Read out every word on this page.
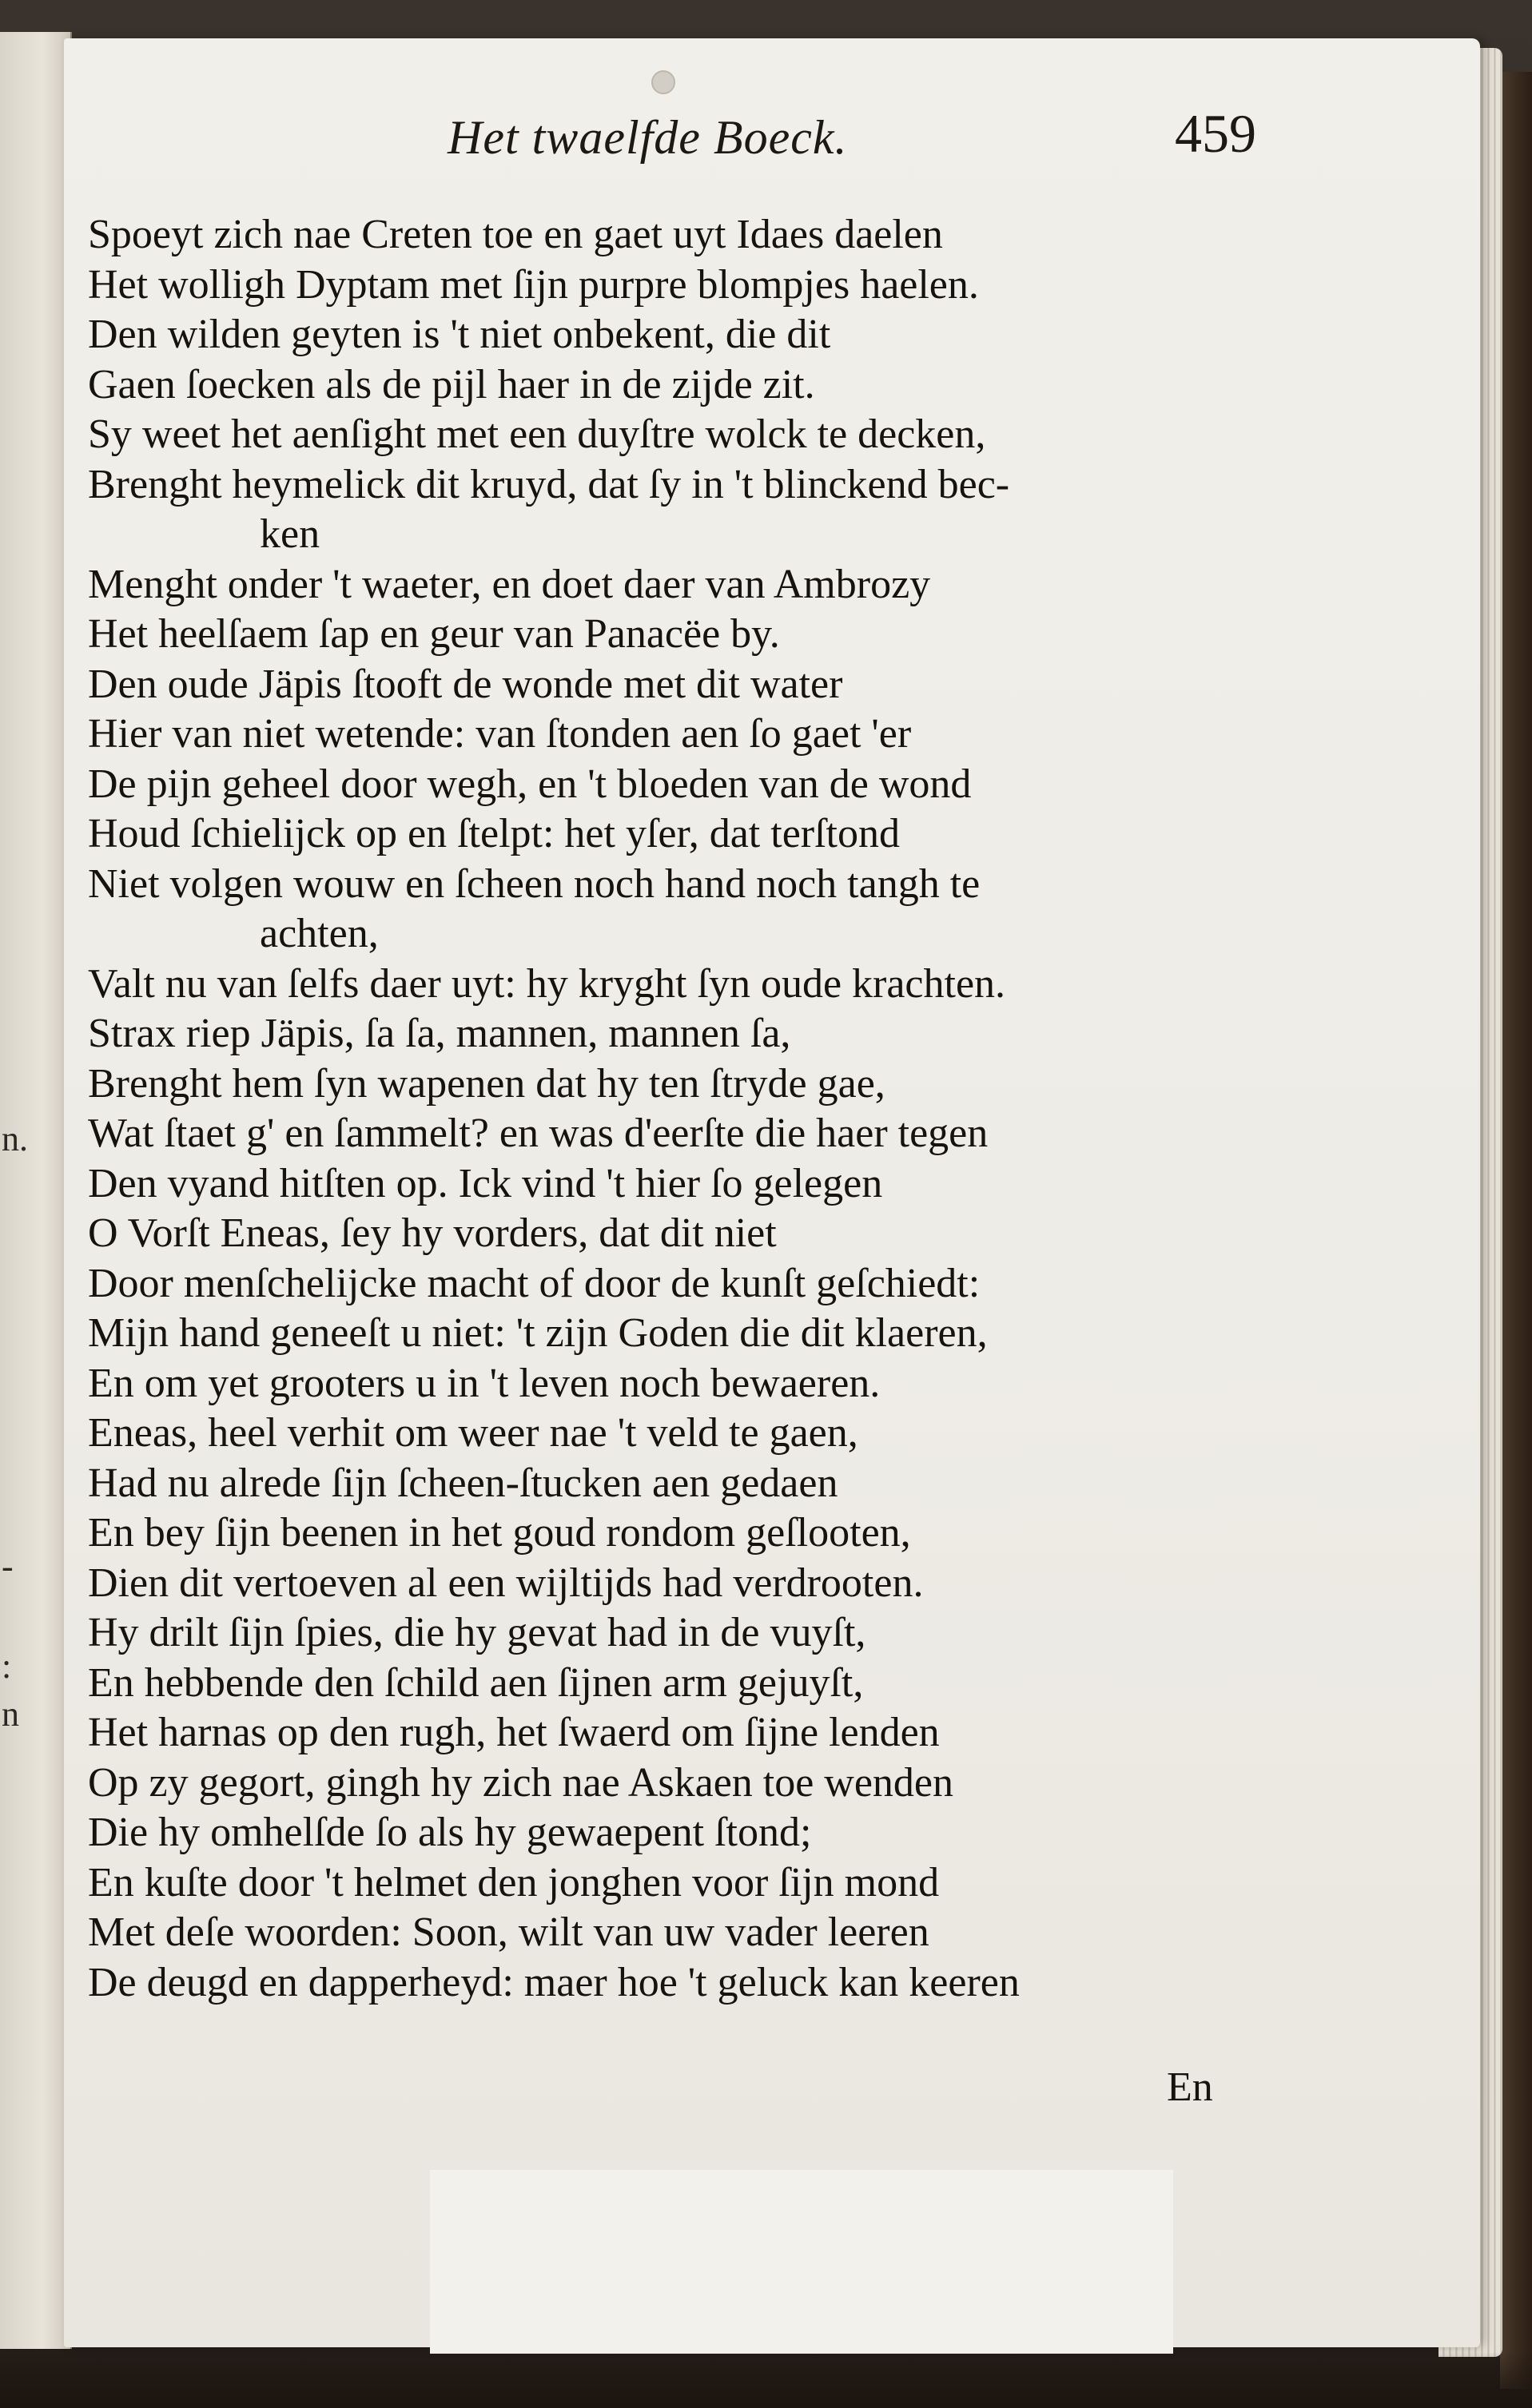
n.
-
:
n
Het twaelfde Boeck.	459
Spoeyt zich nae Creten toe en gaet uyt Idaes daelen
Het wolligh Dyptam met ſijn purpre blompjes haelen.
Den wilden geyten is 't niet onbekent, die dit
Gaen ſoecken als de pijl haer in de zijde zit.
Sy weet het aenſight met een duyſtre wolck te decken,
Brenght heymelick dit kruyd, dat ſy in 't blinckend bec-
ken
Menght onder 't waeter, en doet daer van Ambrozy
Het heelſaem ſap en geur van Panacëe by.
Den oude Jäpis ſtooft de wonde met dit water
Hier van niet wetende: van ſtonden aen ſo gaet 'er
De pijn geheel door wegh, en 't bloeden van de wond
Houd ſchielijck op en ſtelpt: het yſer, dat terſtond
Niet volgen wouw en ſcheen noch hand noch tangh te
achten,
Valt nu van ſelfs daer uyt: hy kryght ſyn oude krachten.
Strax riep Jäpis, ſa ſa, mannen, mannen ſa,
Brenght hem ſyn wapenen dat hy ten ſtryde gae,
Wat ſtaet g' en ſammelt? en was d'eerſte die haer tegen
Den vyand hitſten op. Ick vind 't hier ſo gelegen
O Vorſt Eneas, ſey hy vorders, dat dit niet
Door menſchelijcke macht of door de kunſt geſchiedt:
Mijn hand geneeſt u niet: 't zijn Goden die dit klaeren,
En om yet grooters u in 't leven noch bewaeren.
Eneas, heel verhit om weer nae 't veld te gaen,
Had nu alrede ſijn ſcheen-ſtucken aen gedaen
En bey ſijn beenen in het goud rondom geſlooten,
Dien dit vertoeven al een wijltijds had verdrooten.
Hy drilt ſijn ſpies, die hy gevat had in de vuyſt,
En hebbende den ſchild aen ſijnen arm gejuyſt,
Het harnas op den rugh, het ſwaerd om ſijne lenden
Op zy gegort, gingh hy zich nae Askaen toe wenden
Die hy omhelſde ſo als hy gewaepent ſtond;
En kuſte door 't helmet den jonghen voor ſijn mond
Met deſe woorden: Soon, wilt van uw vader leeren
De deugd en dapperheyd: maer hoe 't geluck kan keeren
En
